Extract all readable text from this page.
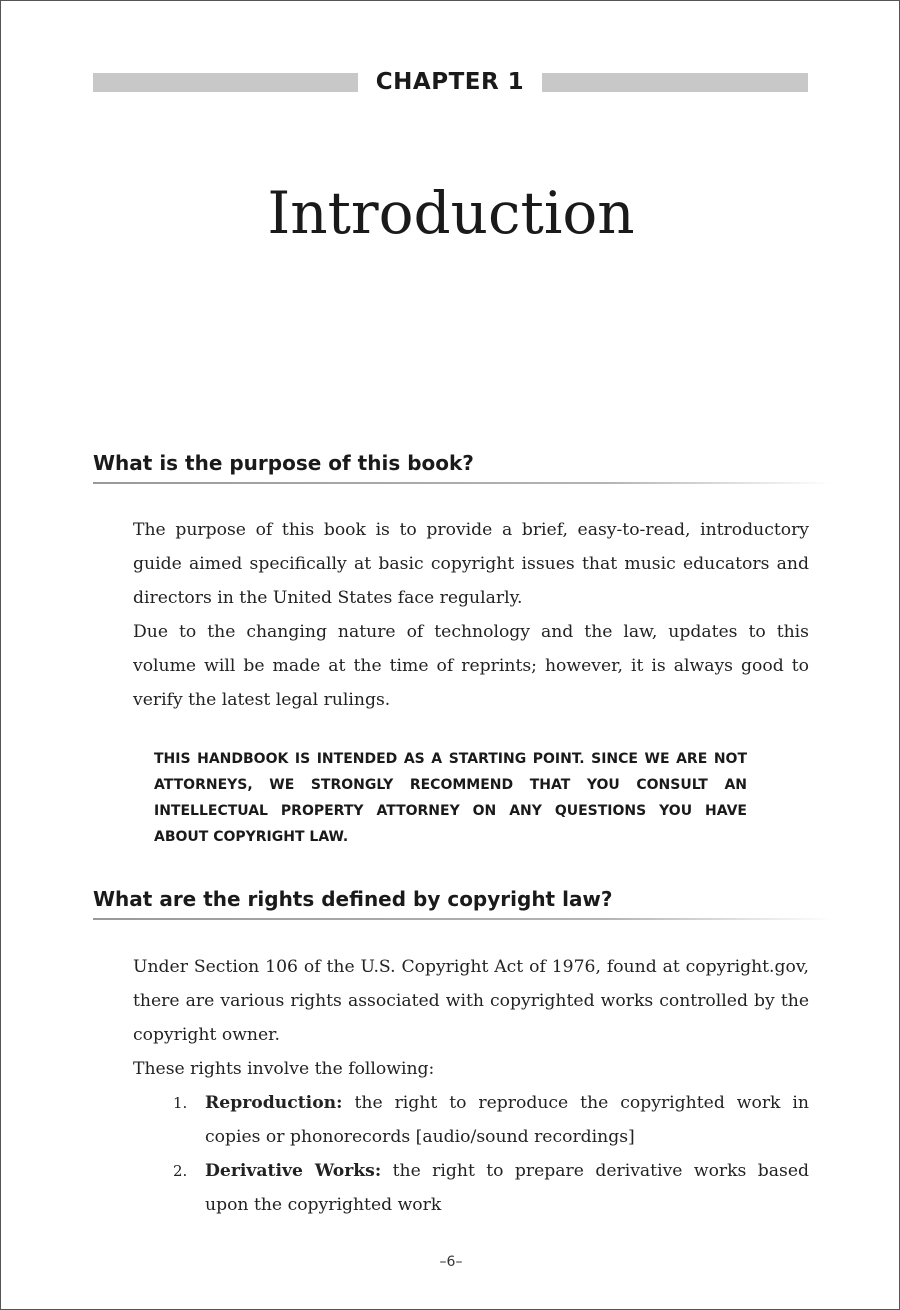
CHAPTER 1
Introduction
What is the purpose of this book?

The purpose of this book is to provide a brief, easy-to-read, introductory guide aimed specifically at basic copyright issues that music educators and directors in the United States face regularly.

Due to the changing nature of technology and the law, updates to this volume will be made at the time of reprints; however, it is always good to verify the latest legal rulings.

THIS HANDBOOK IS INTENDED AS A STARTING POINT. SINCE WE ARE NOT ATTORNEYS, WE STRONGLY RECOMMEND THAT YOU CONSULT AN INTELLECTUAL PROPERTY ATTORNEY ON ANY QUESTIONS YOU HAVE ABOUT COPYRIGHT LAW.

What are the rights defined by copyright law?

Under Section 106 of the U.S. Copyright Act of 1976, found at copyright.gov, there are various rights associated with copyrighted works controlled by the copyright owner.

These rights involve the following:

1. Reproduction: the right to reproduce the copyrighted work in copies or phonorecords [audio/sound recordings]
2. Derivative Works: the right to prepare derivative works based upon the copyrighted work
–6–
